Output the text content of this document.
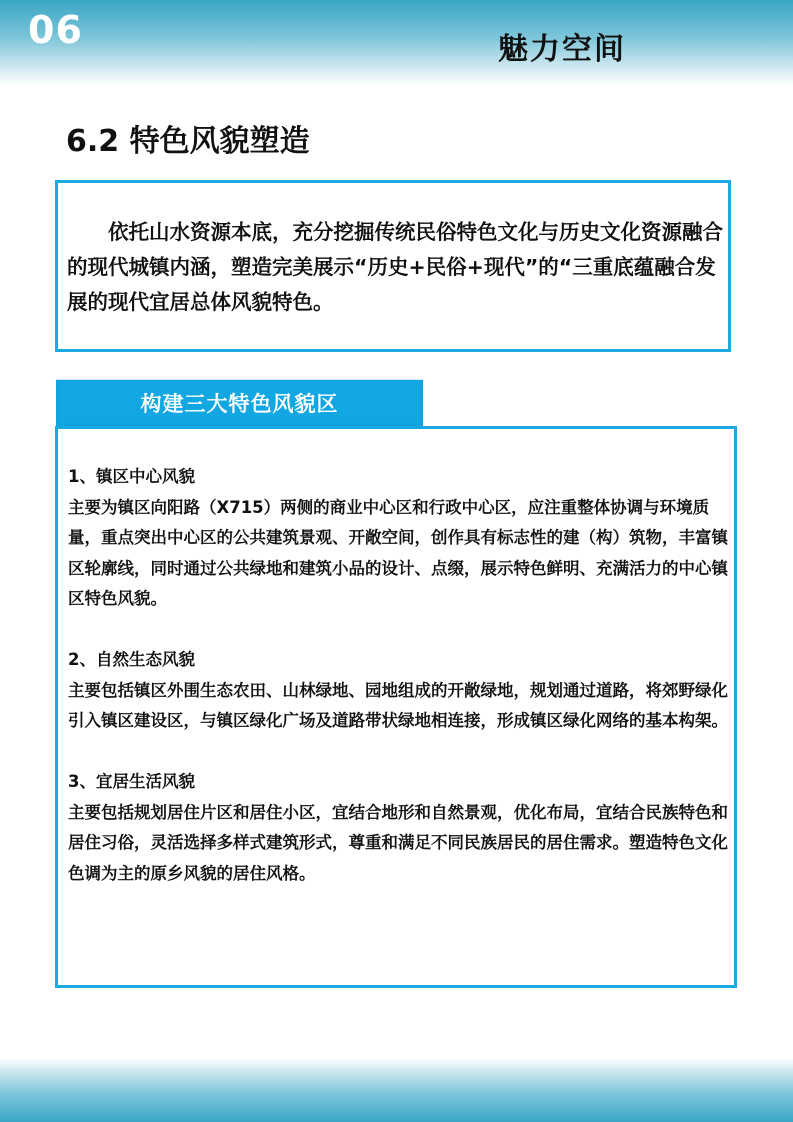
06	魅力空间
6.2 特色风貌塑造

依托山水资源本底，充分挖掘传统民俗特色文化与历史文化资源融合的现代城镇内涵，塑造完美展示“历史+民俗+现代”的“三重底蕴融合发展的现代宜居总体风貌特色。

构建三大特色风貌区
1、镇区中心风貌
主要为镇区向阳路（X715）两侧的商业中心区和行政中心区，应注重整体协调与环境质量，重点突出中心区的公共建筑景观、开敞空间，创作具有标志性的建（构）筑物，丰富镇区轮廓线，同时通过公共绿地和建筑小品的设计、点缀，展示特色鲜明、充满活力的中心镇区特色风貌。
2、自然生态风貌
主要包括镇区外围生态农田、山林绿地、园地组成的开敞绿地，规划通过道路，将郊野绿化引入镇区建设区，与镇区绿化广场及道路带状绿地相连接，形成镇区绿化网络的基本构架。
3、宜居生活风貌
主要包括规划居住片区和居住小区，宜结合地形和自然景观，优化布局，宜结合民族特色和居住习俗，灵活选择多样式建筑形式，尊重和满足不同民族居民的居住需求。塑造特色文化色调为主的原乡风貌的居住风格。
